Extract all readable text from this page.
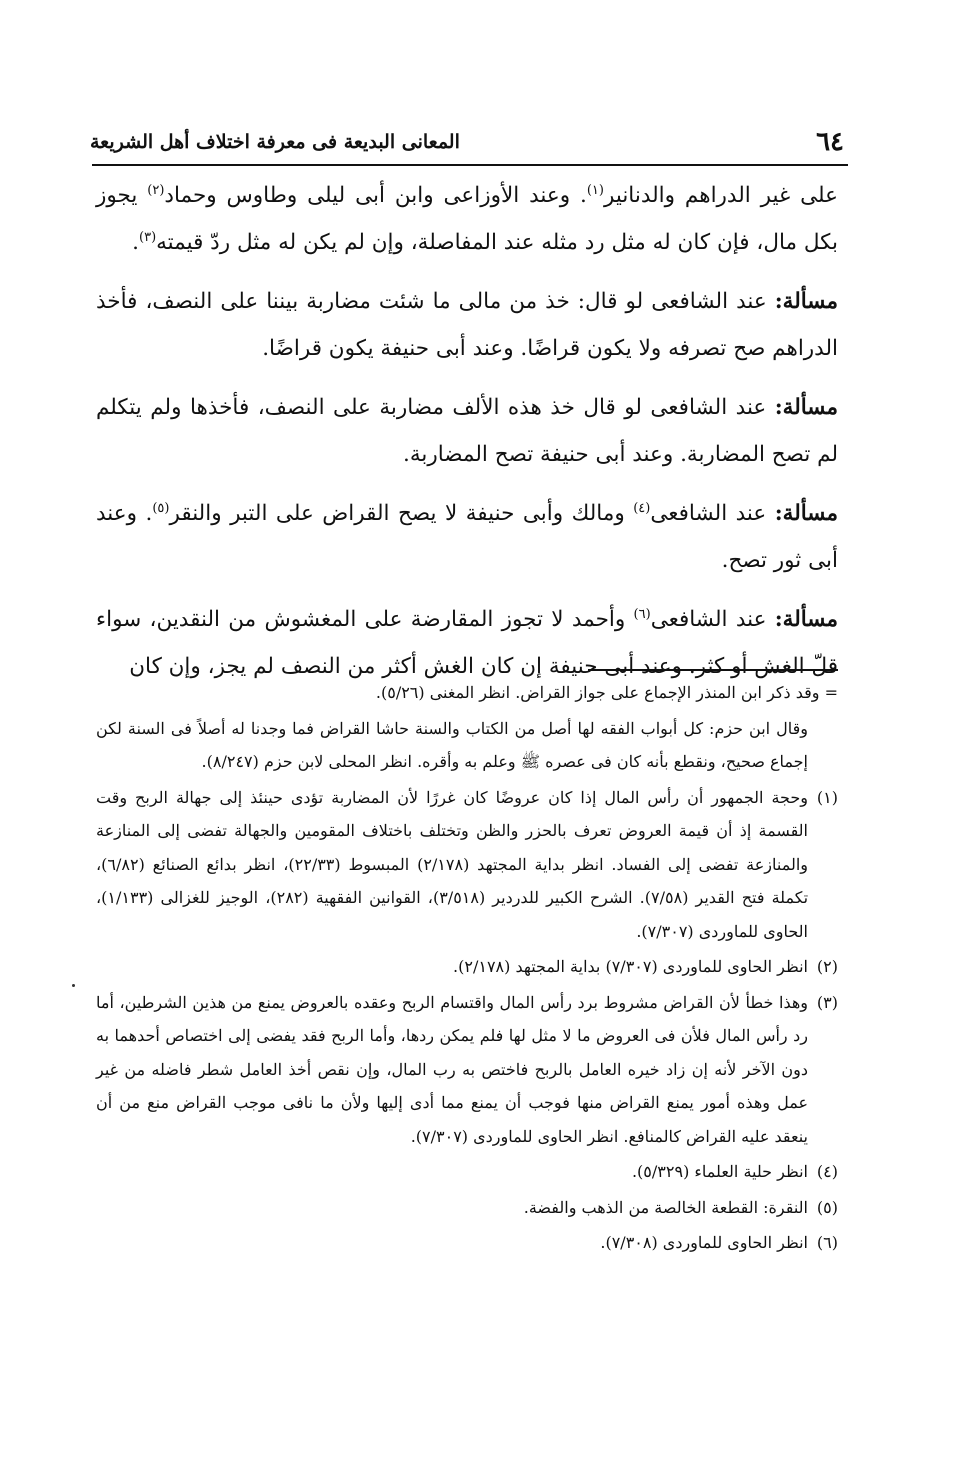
٦٤
المعانى البديعة فى معرفة اختلاف أهل الشريعة

على غير الدراهم والدنانير$^{(١)}$. وعند الأوزاعى وابن أبى ليلى وطاوس وحماد$^{(٢)}$ يجوز بكل مال، فإن كان له مثل رد مثله عند المفاصلة، وإن لم يكن له مثل ردّ قيمته$^{(٣)}$.

مسألة: عند الشافعى لو قال: خذ من مالى ما شئت مضاربة بيننا على النصف، فأخذ الدراهم صح تصرفه ولا يكون قراضًا. وعند أبى حنيفة يكون قراضًا.

مسألة: عند الشافعى لو قال خذ هذه الألف مضاربة على النصف، فأخذها ولم يتكلم لم تصح المضاربة. وعند أبى حنيفة تصح المضاربة.

مسألة: عند الشافعى$^{(٤)}$ ومالك وأبى حنيفة لا يصح القراض على التبر والنقر$^{(٥)}$. وعند أبى ثور تصح.

مسألة: عند الشافعى$^{(٦)}$ وأحمد لا تجوز المقارضة على المغشوش من النقدين، سواء قلّ الغش أو كثر. وعند أبى حنيفة إن كان الغش أكثر من النصف لم يجز، وإن كان

= وقد ذكر ابن المنذر الإجماع على جواز القراض. انظر المغنى (٥/٢٦).

وقال ابن حزم: كل أبواب الفقه لها أصل من الكتاب والسنة حاشا القراض فما وجدنا له أصلاً فى السنة لكن إجماع صحيح، ونقطع بأنه كان فى عصره ﷺ وعلم به وأقره. انظر المحلى لابن حزم (٨/٢٤٧).

(١)وحجة الجمهور أن رأس المال إذا كان عروضًا كان غررًا لأن المضاربة تؤدى حينئذ إلى جهالة الربح وقت القسمة إذ أن قيمة العروض تعرف بالحزر والظن وتختلف باختلاف المقومين والجهالة تفضى إلى المنازعة والمنازعة تفضى إلى الفساد. انظر بداية المجتهد (٢/١٧٨) المبسوط (٢٢/٣٣)، انظر بدائع الصنائع (٦/٨٢)، تكملة فتح القدير (٧/٥٨). الشرح الكبير للدردير (٣/٥١٨)، القوانين الفقهية (٢٨٢)، الوجيز للغزالى (١/١٣٣)، الحاوى للماوردى (٧/٣٠٧).

(٢)انظر الحاوى للماوردى (٧/٣٠٧) بداية المجتهد (٢/١٧٨).

(٣)وهذا خطأ لأن القراض مشروط برد رأس المال واقتسام الربح وعقده بالعروض يمنع من هذين الشرطين، أما رد رأس المال فلأن فى العروض ما لا مثل لها فلم يمكن ردها، وأما الربح فقد يفضى إلى اختصاص أحدهما به دون الآخر لأنه إن زاد خيره العامل بالربح فاختص به رب المال، وإن نقص أخذ العامل شطر فاضله من غير عمل وهذه أمور يمنع القراض منها فوجب أن يمنع مما أدى إليها ولأن ما نافى موجب القراض منع من أن ينعقد عليه القراض كالمنافع. انظر الحاوى للماوردى (٧/٣٠٧).

(٤)انظر حلية العلماء (٥/٣٢٩).

(٥)النقرة: القطعة الخالصة من الذهب والفضة.

(٦)انظر الحاوى للماوردى (٧/٣٠٨).
